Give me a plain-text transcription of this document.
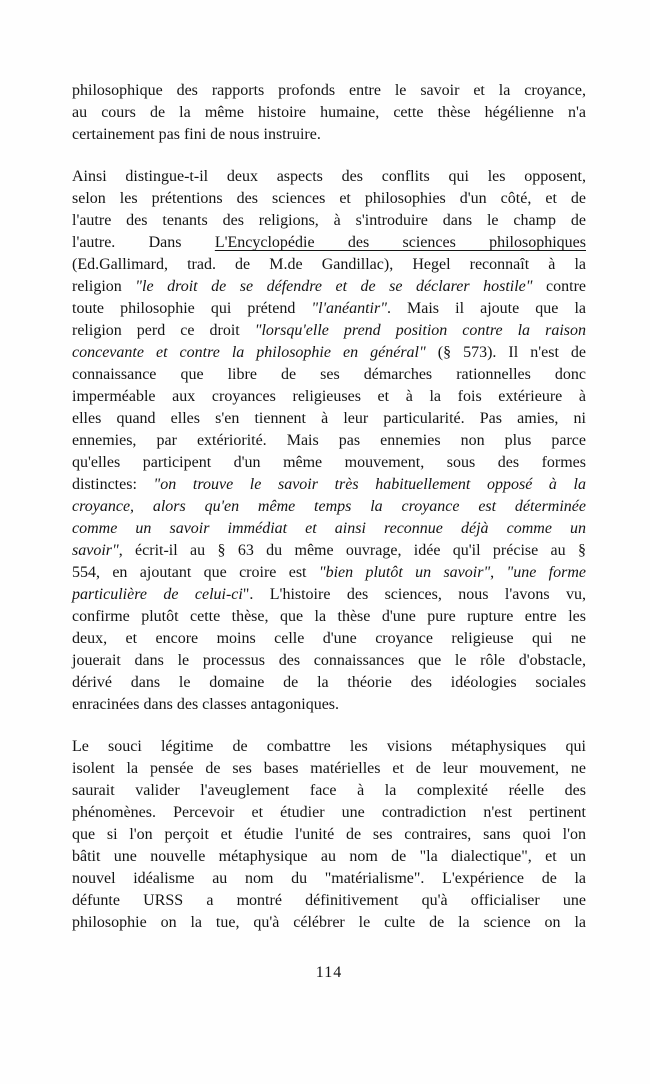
philosophique des rapports profonds entre le savoir et la croyance,
au cours de la même histoire humaine, cette thèse hégélienne n'a
certainement pas fini de nous instruire.
Ainsi distingue-t-il deux aspects des conflits qui les opposent,
selon les prétentions des sciences et philosophies d'un côté, et de
l'autre des tenants des religions, à s'introduire dans le champ de
l'autre. Dans L'Encyclopédie des sciences philosophiques
(Ed.Gallimard, trad. de M.de Gandillac), Hegel reconnaît à la
religion "le droit de se défendre et de se déclarer hostile" contre
toute philosophie qui prétend "l'anéantir". Mais il ajoute que la
religion perd ce droit "lorsqu'elle prend position contre la raison
concevante et contre la philosophie en général" (§ 573). Il n'est de
connaissance que libre de ses démarches rationnelles donc
imperméable aux croyances religieuses et à la fois extérieure à
elles quand elles s'en tiennent à leur particularité. Pas amies, ni
ennemies, par extériorité. Mais pas ennemies non plus parce
qu'elles participent d'un même mouvement, sous des formes
distinctes: "on trouve le savoir très habituellement opposé à la
croyance, alors qu'en même temps la croyance est déterminée
comme un savoir immédiat et ainsi reconnue déjà comme un
savoir", écrit-il au § 63 du même ouvrage, idée qu'il précise au §
554, en ajoutant que croire est "bien plutôt un savoir", "une forme
particulière de celui-ci". L'histoire des sciences, nous l'avons vu,
confirme plutôt cette thèse, que la thèse d'une pure rupture entre les
deux, et encore moins celle d'une croyance religieuse qui ne
jouerait dans le processus des connaissances que le rôle d'obstacle,
dérivé dans le domaine de la théorie des idéologies sociales
enracinées dans des classes antagoniques.
Le souci légitime de combattre les visions métaphysiques qui
isolent la pensée de ses bases matérielles et de leur mouvement, ne
saurait valider l'aveuglement face à la complexité réelle des
phénomènes. Percevoir et étudier une contradiction n'est pertinent
que si l'on perçoit et étudie l'unité de ses contraires, sans quoi l'on
bâtit une nouvelle métaphysique au nom de "la dialectique", et un
nouvel idéalisme au nom du "matérialisme". L'expérience de la
défunte URSS a montré définitivement qu'à officialiser une
philosophie on la tue, qu'à célébrer le culte de la science on la
114
